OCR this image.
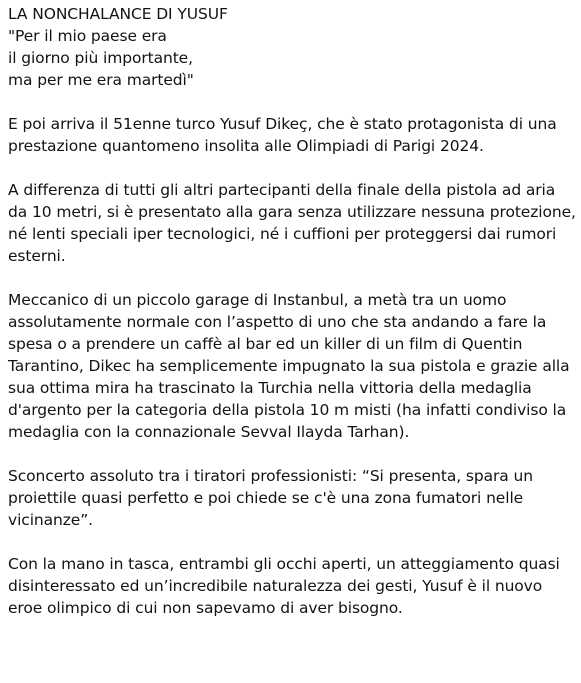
LA NONCHALANCE DI YUSUF
"Per il mio paese era
il giorno più importante,
ma per me era martedì"

E poi arriva il 51enne turco Yusuf Dikeç, che è stato protagonista di una
prestazione quantomeno insolita alle Olimpiadi di Parigi 2024.

A differenza di tutti gli altri partecipanti della finale della pistola ad aria
da 10 metri, si è presentato alla gara senza utilizzare nessuna protezione,
né lenti speciali iper tecnologici, né i cuffioni per proteggersi dai rumori
esterni.

Meccanico di un piccolo garage di Instanbul, a metà tra un uomo
assolutamente normale con l’aspetto di uno che sta andando a fare la
spesa o a prendere un caffè al bar ed un killer di un film di Quentin
Tarantino, Dikec ha semplicemente impugnato la sua pistola e grazie alla
sua ottima mira ha trascinato la Turchia nella vittoria della medaglia
d'argento per la categoria della pistola 10 m misti (ha infatti condiviso la
medaglia con la connazionale Sevval Ilayda Tarhan).

Sconcerto assoluto tra i tiratori professionisti: “Si presenta, spara un
proiettile quasi perfetto e poi chiede se c'è una zona fumatori nelle
vicinanze”.

Con la mano in tasca, entrambi gli occhi aperti, un atteggiamento quasi
disinteressato ed un’incredibile naturalezza dei gesti, Yusuf è il nuovo
eroe olimpico di cui non sapevamo di aver bisogno.
